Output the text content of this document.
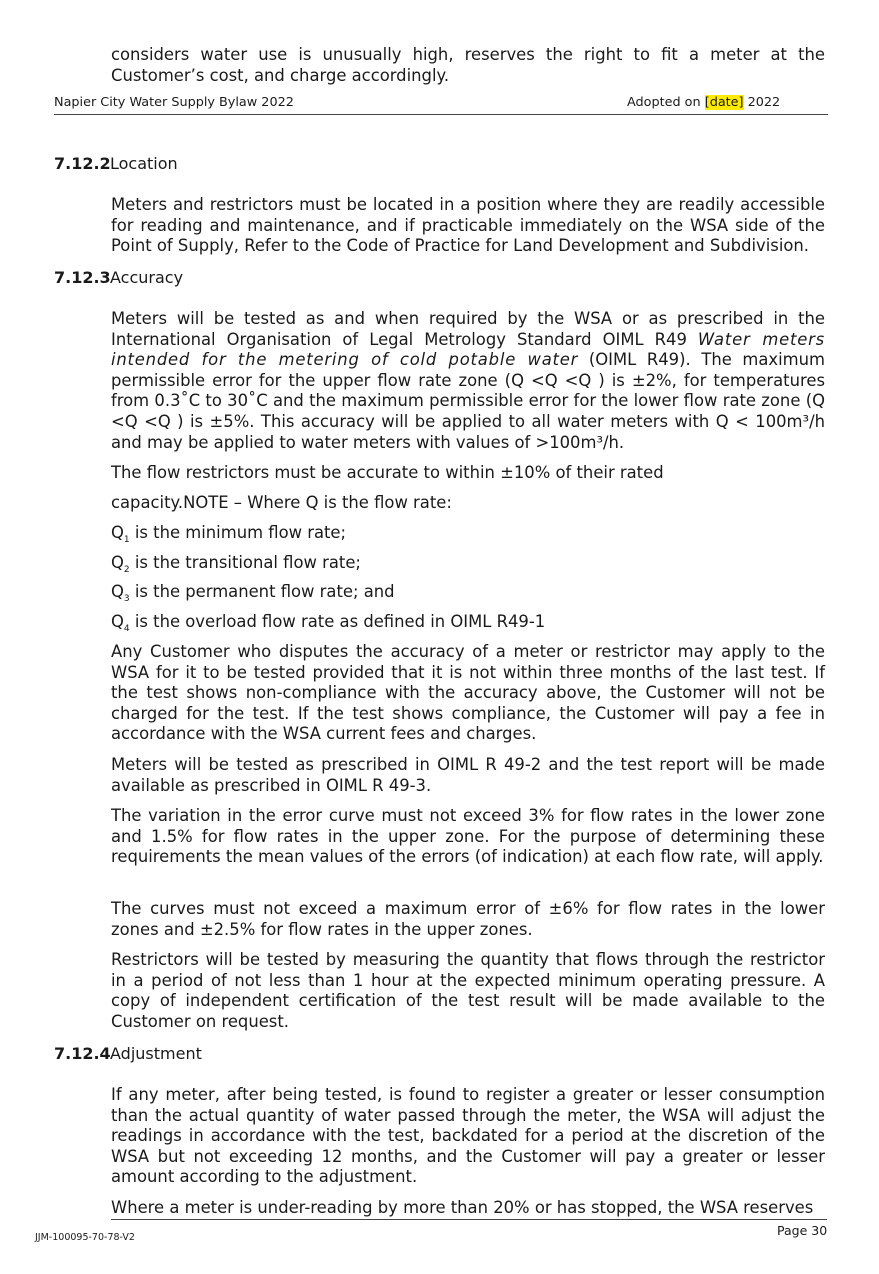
considers water use is unusually high, reserves the right to fit a meter at the Customer’s cost, and charge accordingly.

Napier City Water Supply Bylaw 2022	Adopted on [date] 2022
7.12.2Location

Meters and restrictors must be located in a position where they are readily accessible for reading and maintenance, and if practicable immediately on the WSA side of the Point of Supply, Refer to the Code of Practice for Land Development and Subdivision.

7.12.3Accuracy

Meters will be tested as and when required by the WSA or as prescribed in the International Organisation of Legal Metrology Standard OIML R49 Water meters intended for the metering of cold potable water (OIML R49). The maximum permissible error for the upper flow rate zone (Q <Q <Q ) is ±2%, for temperatures from 0.3˚C to 30˚C and the maximum permissible error for the lower flow rate zone (Q <Q <Q ) is ±5%. This accuracy will be applied to all water meters with Q < 100m³/h and may be applied to water meters with values of >100m³/h.

The flow restrictors must be accurate to within ±10% of their rated

capacity.NOTE – Where Q is the flow rate:

$Q_1$ is the minimum flow rate;

$Q_2$ is the transitional flow rate;

$Q_3$ is the permanent flow rate; and

$Q_4$ is the overload flow rate as defined in OIML R49-1

Any Customer who disputes the accuracy of a meter or restrictor may apply to the WSA for it to be tested provided that it is not within three months of the last test. If the test shows non-compliance with the accuracy above, the Customer will not be charged for the test. If the test shows compliance, the Customer will pay a fee in accordance with the WSA current fees and charges.

Meters will be tested as prescribed in OIML R 49-2 and the test report will be made available as prescribed in OIML R 49-3.

The variation in the error curve must not exceed 3% for flow rates in the lower zone and 1.5% for flow rates in the upper zone. For the purpose of determining these requirements the mean values of the errors (of indication) at each flow rate, will apply.

The curves must not exceed a maximum error of ±6% for flow rates in the lower zones and ±2.5% for flow rates in the upper zones.

Restrictors will be tested by measuring the quantity that flows through the restrictor in a period of not less than 1 hour at the expected minimum operating pressure. A copy of independent certification of the test result will be made available to the Customer on request.

7.12.4Adjustment

If any meter, after being tested, is found to register a greater or lesser consumption than the actual quantity of water passed through the meter, the WSA will adjust the readings in accordance with the test, backdated for a period at the discretion of the WSA but not exceeding 12 months, and the Customer will pay a greater or lesser amount according to the adjustment.

Where a meter is under-reading by more than 20% or has stopped, the WSA reserves

JJM-100095-70-78-V2	Page 30
